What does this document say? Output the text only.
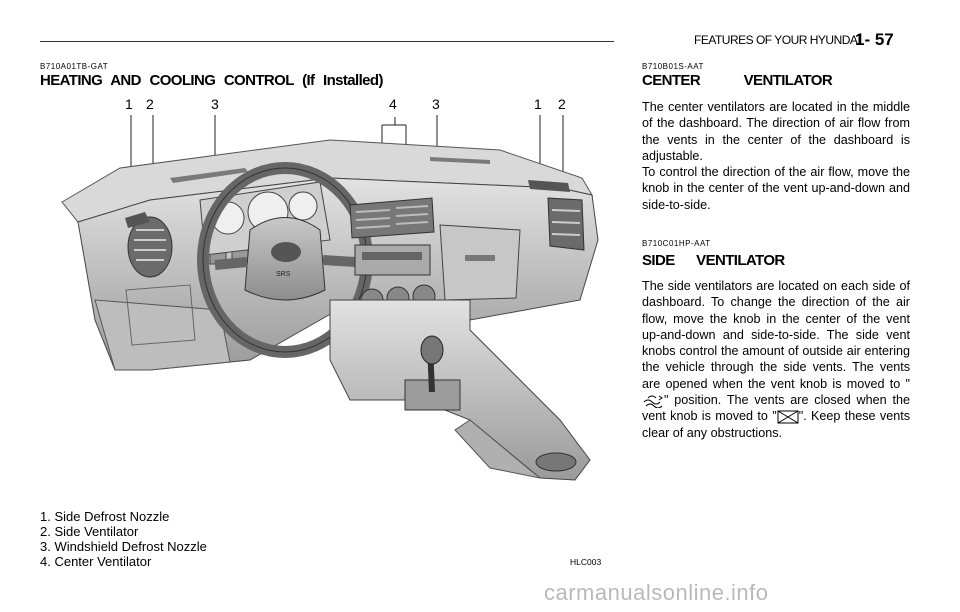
FEATURES OF YOUR HYUNDAI
1- 57
B710A01TB-GAT
HEATING AND COOLING CONTROL (If Installed)
1 2	3	4	3	1 2
SRS
1. Side Defrost Nozzle
2. Side Ventilator
3. Windshield Defrost Nozzle
4. Center Ventilator	HLC003
B710B01S-AAT
CENTER VENTILATOR
The center ventilators are located in the middle of the dashboard. The direction of air flow from the vents in the center of the dashboard is adjustable.
To control the direction of the air flow, move the knob in the center of the vent up-and-down and side-to-side.
B710C01HP-AAT
SIDE VENTILATOR
The side ventilators are located on each side of dashboard. To change the direction of the air flow, move the knob in the center of the vent up-and-down and side-to-side. The side vent knobs control the amount of outside air entering the vehicle through the side vents. The vents are opened when the vent knob is moved to "" position. The vents are closed when the vent knob is moved to " ". Keep these vents clear of any obstructions.
carmanualsonline.info
